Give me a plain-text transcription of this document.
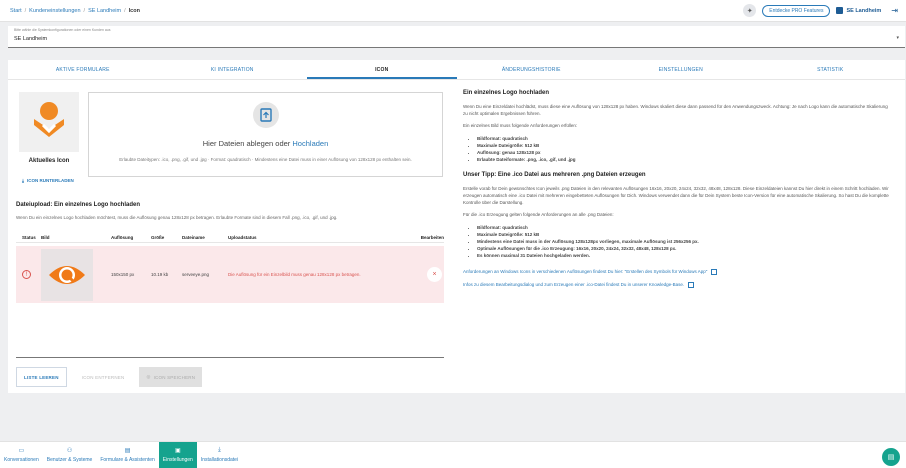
Start / Kundeneinstellungen / SE Landheim / Icon	✦	Entdecke PRO Features	SE Landheim ⇥
Bitte wähle die Systemkonfigurationen oder einen Kunden aus
SE Landheim	▾
AKTIVE FORMULARE	KI INTEGRATION	ICON	ÄNDERUNGSHISTORIE	EINSTELLUNGEN	STATISTIK
Aktuelles Icon
⤓ ICON RUNTERLADEN
Hier Dateien ablegen oder Hochladen
Erlaubte Dateitypen: .ico, .png, .gif, und .jpg · Format: quadratisch · Mindestens eine Datei muss in einer Auflösung von 128x128 px enthalten sein.
Dateiupload: Ein einzelnes Logo hochladen
Wenn Du ein einzelnes Logo hochladen möchtest, muss die Auflösung genau 128x128 px betragen. Erlaubte Formate sind in diesem Fall .png, .ico, .gif, und .jpg.
Status	Bild	Auflösung	Größe	Dateiname	Uploadstatus	Bearbeiten
!	150x150 px	10.19 kb	serveeye.png	Die Auflösung für ein Einzelbild muss genau 128x128 px betragen.	×
LISTE LEEREN	ICON ENTFERNEN	◎ ICON SPEICHERN
Ein einzelnes Logo hochladen

Wenn Du eine Einzeldatei hochlädst, muss diese eine Auflösung von 128x128 px haben. Windows skaliert diese dann passend für den Anwendungszweck. Achtung: Je nach Logo kann die automatische Skalierung zu nicht optimalen Ergebnissen führen.

Ein einzelnes Bild muss folgende Anforderungen erfüllen:

• Bildformat: quadratisch
• Maximale Dateigröße: 512 kB
• Auflösung: genau 128x128 px
• Erlaubte Dateiformate: .png, .ico, .gif, und .jpg
Unser Tipp: Eine .ico Datei aus mehreren .png Dateien erzeugen

Erstelle vorab für Dein gewünschtes Icon jeweils .png Dateien in den relevanten Auflösungen 16x16, 20x20, 24x24, 32x32, 48x48, 128x128. Diese Einzeldateien kannst Du hier direkt in einem Schritt hochladen. Wir erzeugen automatisch eine .ico Datei mit mehreren eingebetteten Auflösungen für Dich. Windows verwendet dann die für Dein System beste Icon-Version für eine automatische Skalierung. So hast Du die komplette Kontrolle über die Darstellung.

Für die .ico Erzeugung gelten folgende Anforderungen an alle .png Dateien:

• Bildformat: quadratisch
• Maximale Dateigröße: 512 kB
• Mindestens eine Datei muss in der Auflösung 128x128px vorliegen, maximale Auflösung ist 256x256 px.
• Optimale Auflösungen für die .ico Erzeugung: 16x16, 20x20, 24x24, 32x32, 48x48, 128x128 px.
• Es können maximal 31 Dateien hochgeladen werden.
Anforderungen an Windows Icons in verschiedenen Auflösungen findest Du hier: "Erstellen des Symbols für Windows App"
Infos zu diesem Bearbeitungsdialog und zum Erzeugen einer .ico-Datei findest Du in unserer Knowledge-Base.
▭
Konversationen
⚇
Benutzer & Systeme
▤
Formulare & Assistenten
▣
Einstellungen
⤓
Installationsdatei	▤
